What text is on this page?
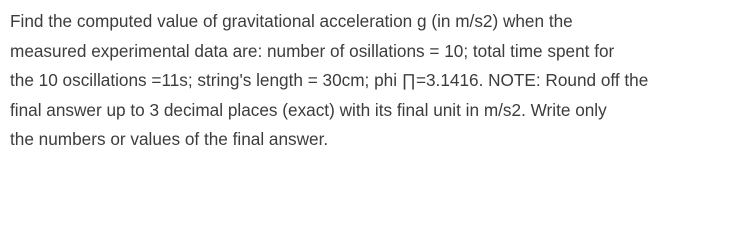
Find the computed value of gravitational acceleration g (in m/s2) when the
measured experimental data are: number of osillations = 10; total time spent for
the 10 oscillations =11s; string's length = 30cm; phi ∏=3.1416. NOTE: Round off the
final answer up to 3 decimal places (exact) with its final unit in m/s2. Write only
the numbers or values of the final answer.
